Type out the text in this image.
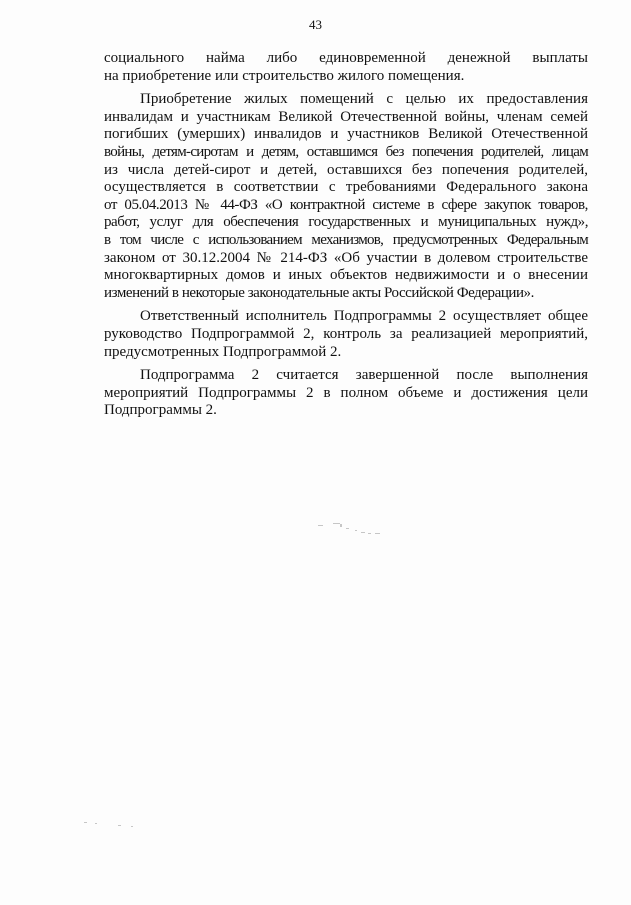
43
социального найма либо единовременной денежной выплаты
на приобретение или строительство жилого помещения.
Приобретение жилых помещений с целью их предоставления
инвалидам и участникам Великой Отечественной войны, членам семей
погибших (умерших) инвалидов и участников Великой Отечественной
войны, детям-сиротам и детям, оставшимся без попечения родителей, лицам
из числа детей-сирот и детей, оставшихся без попечения родителей,
осуществляется в соответствии с требованиями Федерального закона
от 05.04.2013 № 44-ФЗ «О контрактной системе в сфере закупок товаров,
работ, услуг для обеспечения государственных и муниципальных нужд»,
в том числе с использованием механизмов, предусмотренных Федеральным
законом от 30.12.2004 № 214-ФЗ «Об участии в долевом строительстве
многоквартирных домов и иных объектов недвижимости и о внесении
изменений в некоторые законодательные акты Российской Федерации».
Ответственный исполнитель Подпрограммы 2 осуществляет общее
руководство Подпрограммой 2, контроль за реализацией мероприятий,
предусмотренных Подпрограммой 2.
Подпрограмма 2 считается завершенной после выполнения
мероприятий Подпрограммы 2 в полном объеме и достижения цели
Подпрограммы 2.
